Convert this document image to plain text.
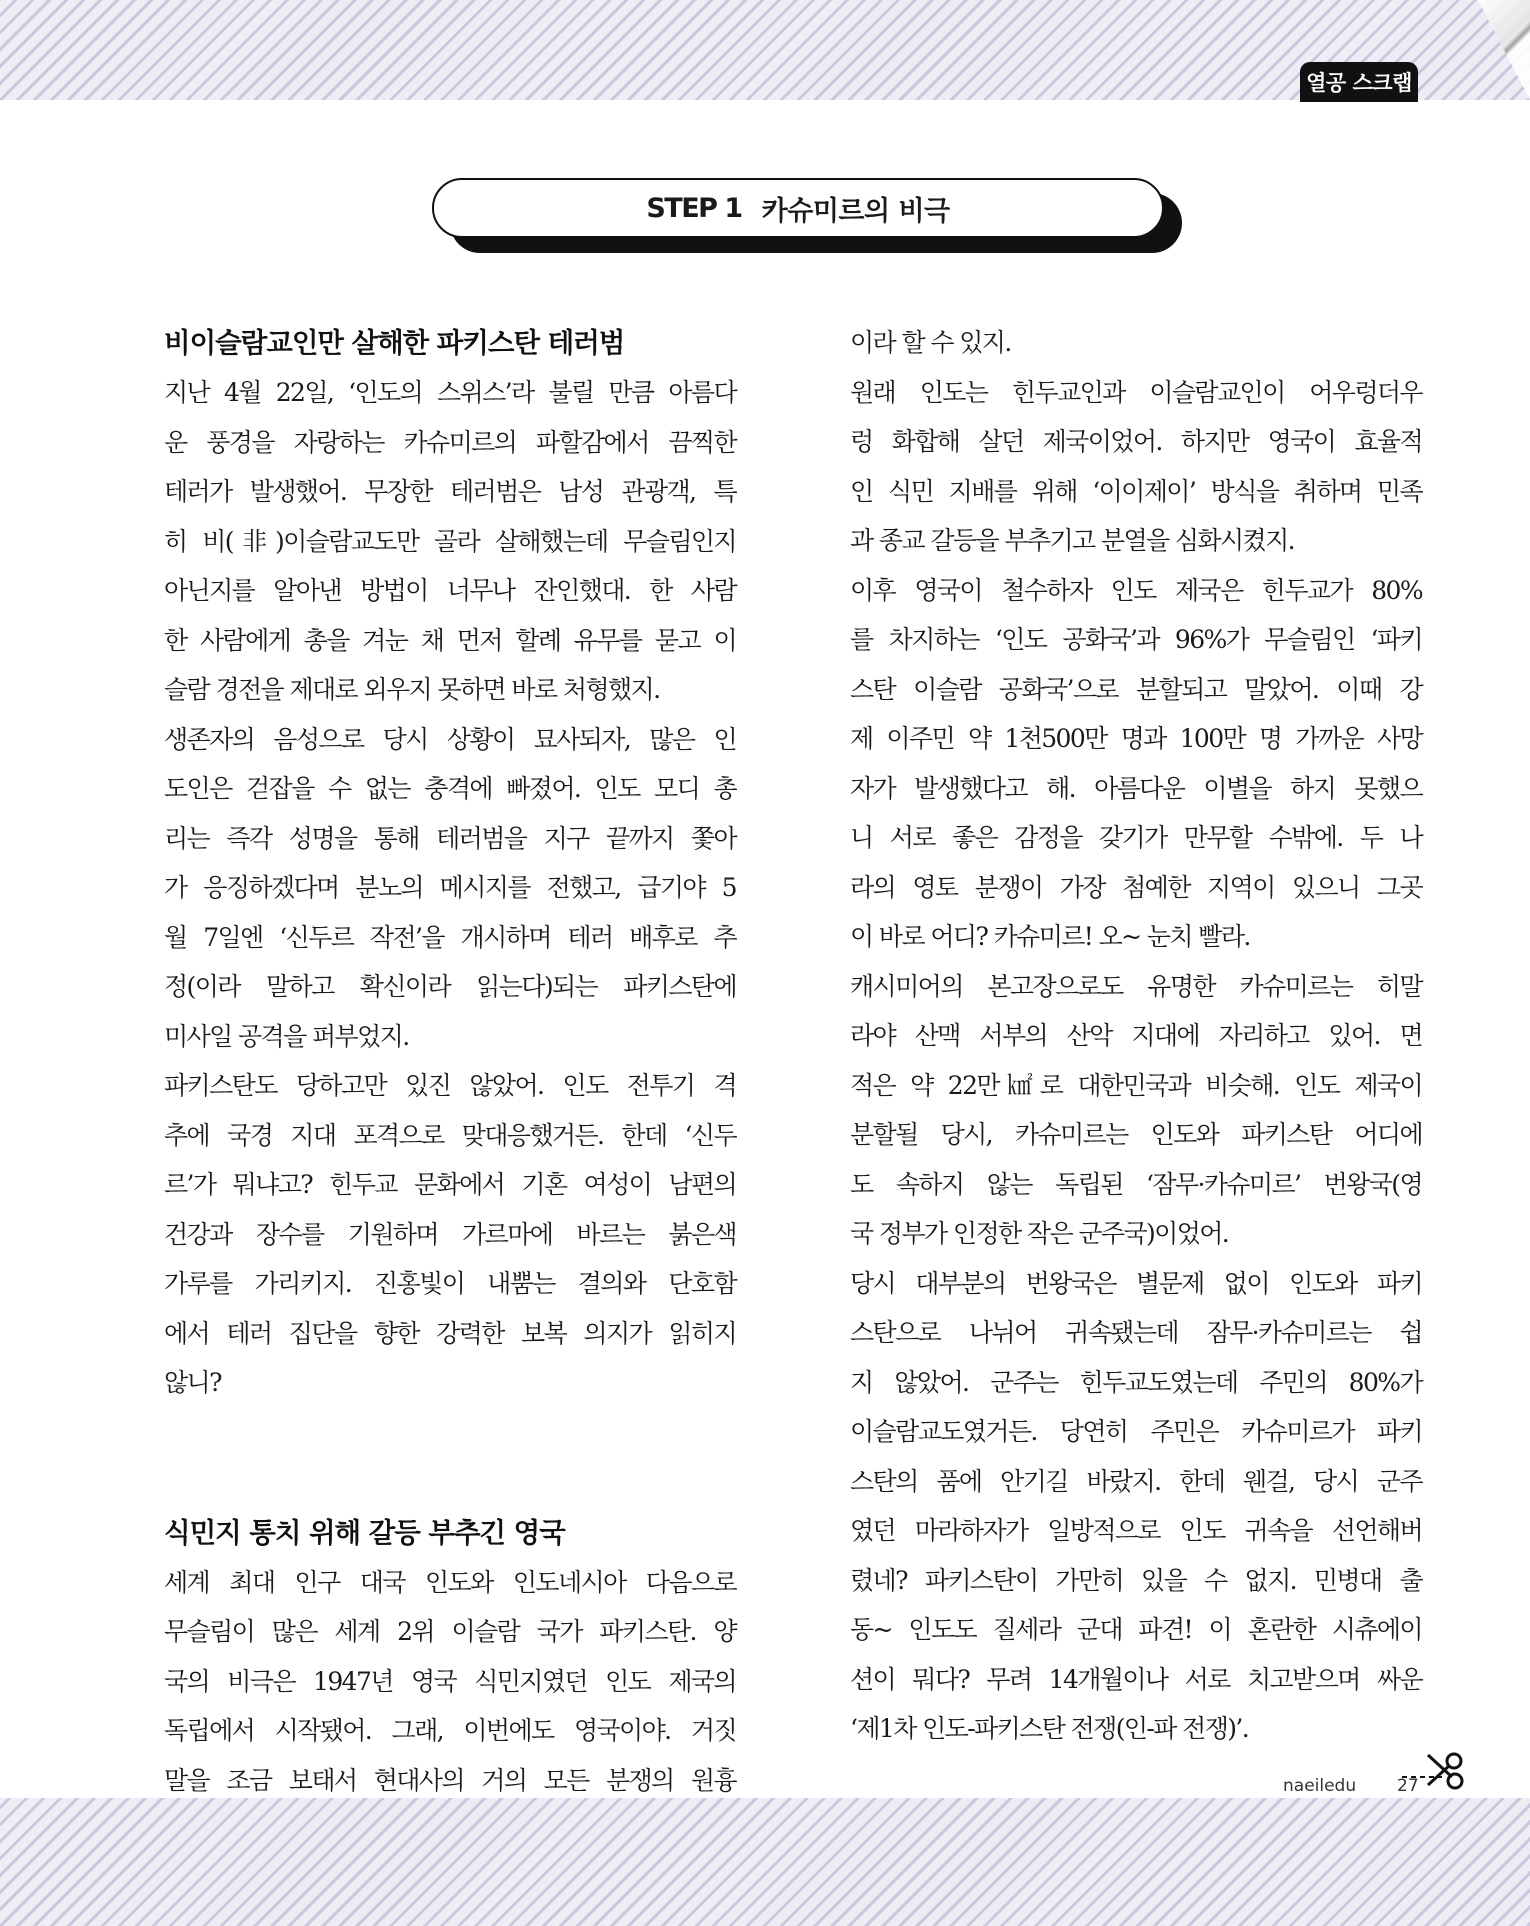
열공 스크랩
STEP 1 카슈미르의 비극
비이슬람교인만 살해한 파키스탄 테러범

지난 4월 22일, ‘인도의 스위스’라 불릴 만큼 아름다
운 풍경을 자랑하는 카슈미르의 파할감에서 끔찍한
테러가 발생했어. 무장한 테러범은 남성 관광객, 특
히 비(非)이슬람교도만 골라 살해했는데 무슬림인지
아닌지를 알아낸 방법이 너무나 잔인했대. 한 사람
한 사람에게 총을 겨눈 채 먼저 할례 유무를 묻고 이
슬람 경전을 제대로 외우지 못하면 바로 처형했지.

생존자의 음성으로 당시 상황이 묘사되자, 많은 인
도인은 걷잡을 수 없는 충격에 빠졌어. 인도 모디 총
리는 즉각 성명을 통해 테러범을 지구 끝까지 쫓아
가 응징하겠다며 분노의 메시지를 전했고, 급기야 5
월 7일엔 ‘신두르 작전’을 개시하며 테러 배후로 추
정(이라 말하고 확신이라 읽는다)되는 파키스탄에
미사일 공격을 퍼부었지.

파키스탄도 당하고만 있진 않았어. 인도 전투기 격
추에 국경 지대 포격으로 맞대응했거든. 한데 ‘신두
르’가 뭐냐고? 힌두교 문화에서 기혼 여성이 남편의
건강과 장수를 기원하며 가르마에 바르는 붉은색
가루를 가리키지. 진홍빛이 내뿜는 결의와 단호함
에서 테러 집단을 향한 강력한 보복 의지가 읽히지
않니?

식민지 통치 위해 갈등 부추긴 영국

세계 최대 인구 대국 인도와 인도네시아 다음으로
무슬림이 많은 세계 2위 이슬람 국가 파키스탄. 양
국의 비극은 1947년 영국 식민지였던 인도 제국의
독립에서 시작됐어. 그래, 이번에도 영국이야. 거짓
말을 조금 보태서 현대사의 거의 모든 분쟁의 원흉

이라 할 수 있지.

원래 인도는 힌두교인과 이슬람교인이 어우렁더우
렁 화합해 살던 제국이었어. 하지만 영국이 효율적
인 식민 지배를 위해 ‘이이제이’ 방식을 취하며 민족
과 종교 갈등을 부추기고 분열을 심화시켰지.

이후 영국이 철수하자 인도 제국은 힌두교가 80%
를 차지하는 ‘인도 공화국’과 96%가 무슬림인 ‘파키
스탄 이슬람 공화국’으로 분할되고 말았어. 이때 강
제 이주민 약 1천500만 명과 100만 명 가까운 사망
자가 발생했다고 해. 아름다운 이별을 하지 못했으
니 서로 좋은 감정을 갖기가 만무할 수밖에. 두 나
라의 영토 분쟁이 가장 첨예한 지역이 있으니 그곳
이 바로 어디? 카슈미르! 오~ 눈치 빨라.

캐시미어의 본고장으로도 유명한 카슈미르는 히말
라야 산맥 서부의 산악 지대에 자리하고 있어. 면
적은 약 22만㎢로 대한민국과 비슷해. 인도 제국이
분할될 당시, 카슈미르는 인도와 파키스탄 어디에
도 속하지 않는 독립된 ‘잠무·카슈미르’ 번왕국(영
국 정부가 인정한 작은 군주국)이었어.

당시 대부분의 번왕국은 별문제 없이 인도와 파키
스탄으로 나뉘어 귀속됐는데 잠무·카슈미르는 쉽
지 않았어. 군주는 힌두교도였는데 주민의 80%가
이슬람교도였거든. 당연히 주민은 카슈미르가 파키
스탄의 품에 안기길 바랐지. 한데 웬걸, 당시 군주
였던 마라하자가 일방적으로 인도 귀속을 선언해버
렸네? 파키스탄이 가만히 있을 수 없지. 민병대 출
동~ 인도도 질세라 군대 파견! 이 혼란한 시츄에이
션이 뭐다? 무려 14개월이나 서로 치고받으며 싸운
‘제1차 인도-파키스탄 전쟁(인-파 전쟁)’.

naeiledu 27
